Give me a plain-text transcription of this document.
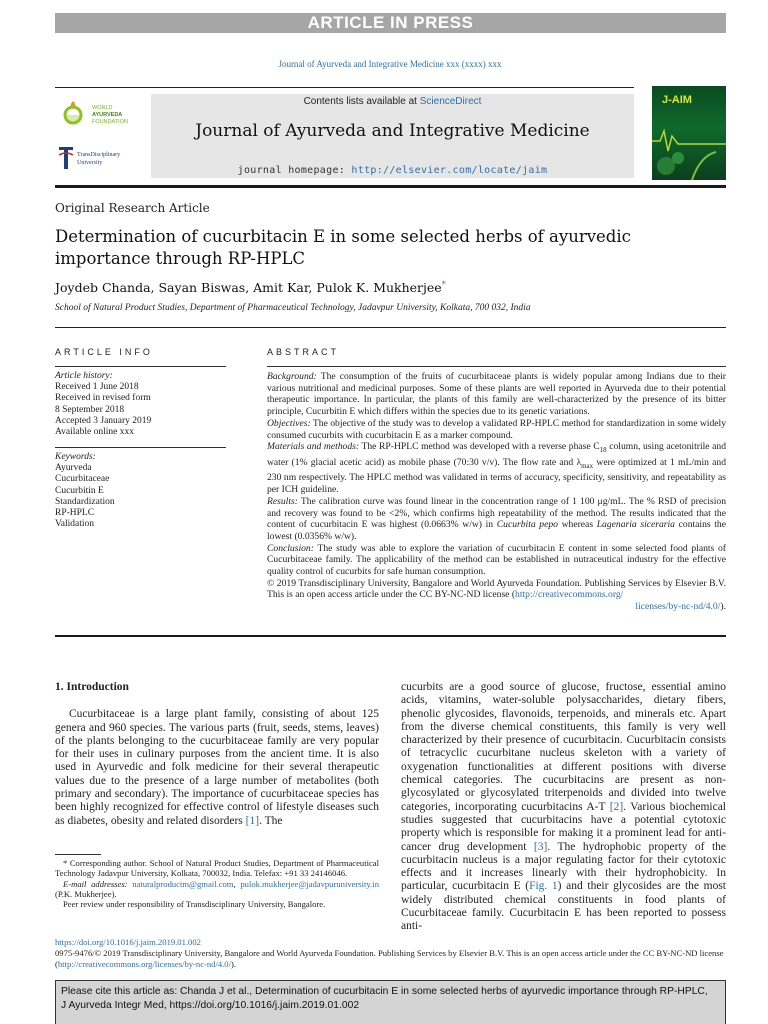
ARTICLE IN PRESS
Journal of Ayurveda and Integrative Medicine xxx (xxxx) xxx
WORLD
AYURVEDA
FOUNDATION
TransDisciplinary
University
Contents lists available at ScienceDirect
Journal of Ayurveda and Integrative Medicine
journal homepage: http://elsevier.com/locate/jaim
J-AIM
Original Research Article
Determination of cucurbitacin E in some selected herbs of ayurvedic
importance through RP-HPLC
Joydeb Chanda, Sayan Biswas, Amit Kar, Pulok K. Mukherjee*
School of Natural Product Studies, Department of Pharmaceutical Technology, Jadavpur University, Kolkata, 700 032, India
ARTICLE INFO	ABSTRACT
Article history:
Received 1 June 2018
Received in revised form
8 September 2018
Accepted 3 January 2019
Available online xxx
Keywords:
Ayurveda
Cucurbitaceae
Cucurbitin E
Standardization
RP-HPLC
Validation

Background: The consumption of the fruits of cucurbitaceae plants is widely popular among Indians due to their various nutritional and medicinal purposes. Some of these plants are well reported in Ayurveda due to their potential therapeutic importance. In particular, the plants of this family are well-characterized by the presence of its bitter principle, Cucurbitin E which differs within the species due to its genetic variations.

Objectives: The objective of the study was to develop a validated RP-HPLC method for standardization in some widely consumed cucurbits with cucurbitacin E as a marker compound.

Materials and methods: The RP-HPLC method was developed with a reverse phase $C_{18}$ column, using acetonitrile and water (1% glacial acetic acid) as mobile phase (70:30 v/v). The flow rate and $\lambda_{max}$ were optimized at 1 mL/min and 230 nm respectively. The HPLC method was validated in terms of accuracy, specificity, sensitivity, and repeatability as per ICH guideline.

Results: The calibration curve was found linear in the concentration range of 1 100 μg/mL. The % RSD of precision and recovery was found to be <2%, which confirms high repeatability of the method. The results indicated that the content of cucurbitacin E was highest (0.0663% w/w) in Cucurbita pepo whereas Lagenaria siceraria contains the lowest (0.0356% w/w).

Conclusion: The study was able to explore the variation of cucurbitacin E content in some selected food plants of Cucurbitaceae family. The applicability of the method can be established in nutraceutical industry for the effective quality control of cucurbits for safe human consumption.

© 2019 Transdisciplinary University, Bangalore and World Ayurveda Foundation. Publishing Services by Elsevier B.V. This is an open access article under the CC BY-NC-ND license (http://creativecommons.org/

licenses/by-nc-nd/4.0/).

1. Introduction

Cucurbitaceae is a large plant family, consisting of about 125 genera and 960 species. The various parts (fruit, seeds, stems, leaves) of the plants belonging to the cucurbitaceae family are very popular for their uses in culinary purposes from the ancient time. It is also used in Ayurvedic and folk medicine for their several therapeutic values due to the presence of a large number of metabolites (both primary and secondary). The importance of cucurbitaceae species has been highly recognized for effective control of lifestyle diseases such as diabetes, obesity and related disorders [1]. The

cucurbits are a good source of glucose, fructose, essential amino acids, vitamins, water-soluble polysaccharides, dietary fibers, phenolic glycosides, flavonoids, terpenoids, and minerals etc. Apart from the diverse chemical constituents, this family is very well characterized by their presence of cucurbitacin. Cucurbitacin consists of tetracyclic cucurbitane nucleus skeleton with a variety of oxygenation functionalities at different positions with diverse chemical categories. The cucurbitacins are present as non-glycosylated or glycosylated triterpenoids and divided into twelve categories, incorporating cucurbitacins A-T [2]. Various biochemical studies suggested that cucurbitacins have a potential cytotoxic property which is responsible for making it a prominent lead for anti-cancer drug development [3]. The hydrophobic property of the cucurbitacin nucleus is a major regulating factor for their cytotoxic effects and it increases linearly with their hydrophobicity. In particular, cucurbitacin E (Fig. 1) and their glycosides are the most widely distributed chemical constituents in food plants of Cucurbitaceae family. Cucurbitacin E has been reported to possess anti-

* Corresponding author. School of Natural Product Studies, Department of Pharmaceutical Technology Jadavpur University, Kolkata, 700032, India. Telefax: +91 33 24146046.

E-mail addresses: naturalproductm@gmail.com, pulok.mukherjee@jadavpuruniversity.in (P.K. Mukherjee).

Peer review under responsibility of Transdisciplinary University, Bangalore.

https://doi.org/10.1016/j.jaim.2019.01.002
0975-9476/© 2019 Transdisciplinary University, Bangalore and World Ayurveda Foundation. Publishing Services by Elsevier B.V. This is an open access article under the CC BY-NC-ND license (http://creativecommons.org/licenses/by-nc-nd/4.0/).
Please cite this article as: Chanda J et al., Determination of cucurbitacin E in some selected herbs of ayurvedic importance through RP-HPLC,
J Ayurveda Integr Med, https://doi.org/10.1016/j.jaim.2019.01.002
